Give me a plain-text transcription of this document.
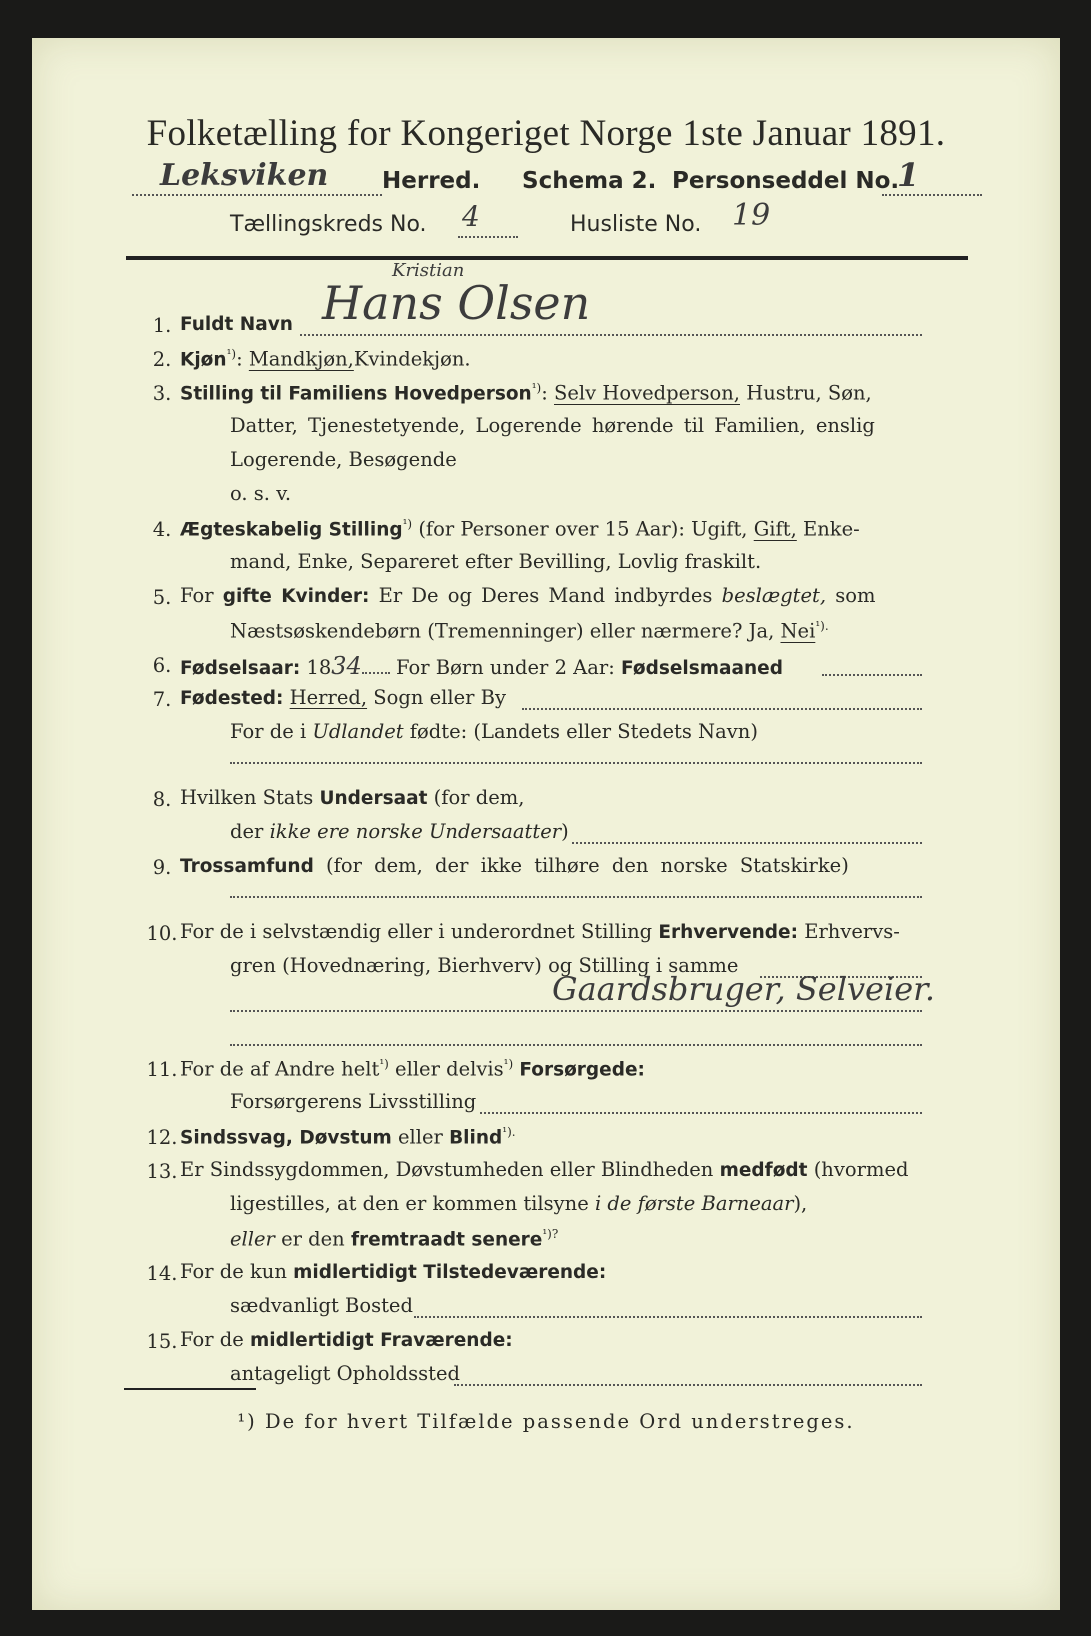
Folketælling for Kongeriget Norge 1ste Januar 1891.
Leksviken Herred. Schema 2. Personseddel No.
1
Tællingskreds No. 4	Husliste No. 19
1. Fuldt Navn Hans Olsen
Kristian
2. Kjøn$^{^1)}$: Mandkjøn,Kvindekjøn.
3. Stilling til Familiens Hovedperson$^{^1)}$: Selv Hovedperson, Hustru, Søn,
Datter, Tjenestetyende, Logerende hørende til Familien, enslig
Logerende, Besøgende
o. s. v.
4. Ægteskabelig Stilling$^{^1)}$ (for Personer over 15 Aar): Ugift, Gift, Enke-
mand, Enke, Separeret efter Bevilling, Lovlig fraskilt.
5. For gifte Kvinder: Er De og Deres Mand indbyrdes beslægtet, som
Næstsøskendebørn (Tremenninger) eller nærmere? Ja, Nei$^{^1).}$
6. Fødselsaar: 1834 For Børn under 2 Aar: Fødselsmaaned
7. Fødested: Herred, Sogn eller By
For de i Udlandet fødte: (Landets eller Stedets Navn)
8. Hvilken Stats Undersaat (for dem,
der ikke ere norske Undersaatter)
9. Trossamfund (for dem, der ikke tilhøre den norske Statskirke)
10. For de i selvstændig eller i underordnet Stilling Erhvervende: Erhvervs-
gren (Hovednæring, Bierhverv) og Stilling i samme
Gaardsbruger, Selveier.
11. For de af Andre helt$^{^1)}$ eller delvis$^{^1)}$ Forsørgede:
Forsørgerens Livsstilling
12. Sindssvag, Døvstum eller Blind$^{^1).}$
13. Er Sindssygdommen, Døvstumheden eller Blindheden medfødt (hvormed
ligestilles, at den er kommen tilsyne i de første Barneaar),
eller er den fremtraadt senere$^{^1)?}$
14. For de kun midlertidigt Tilstedeværende:
sædvanligt Bosted
15. For de midlertidigt Fraværende:
antageligt Opholdssted
¹) De for hvert Tilfælde passende Ord understreges.
